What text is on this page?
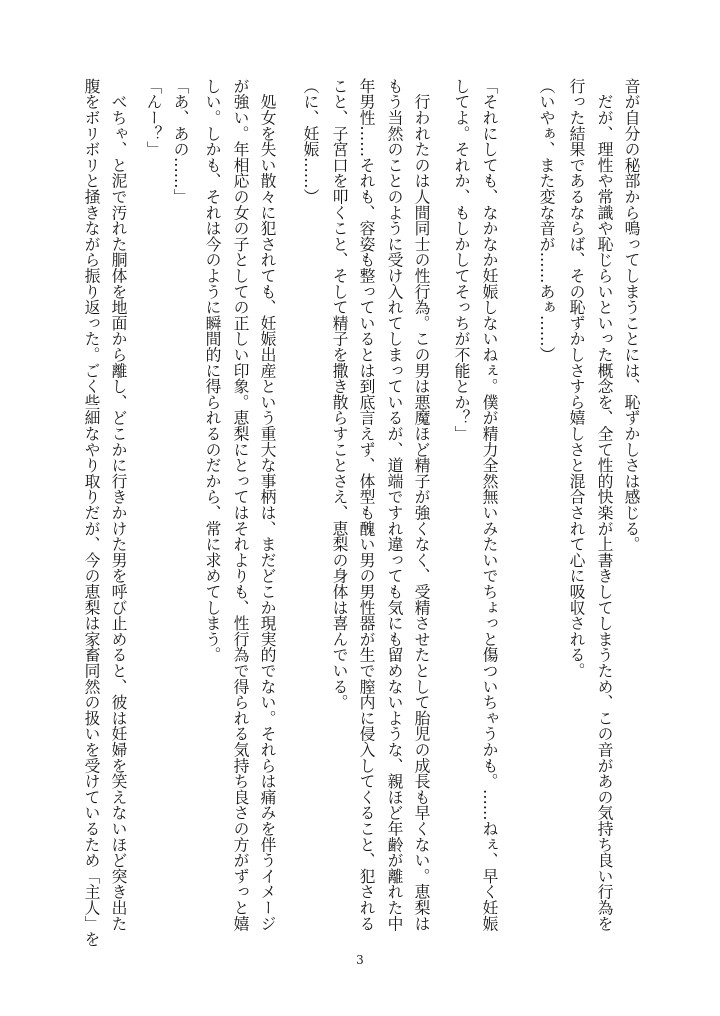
音が自分の秘部から鳴ってしまうことには、恥ずかしさは感じる。
　だが、理性や常識や恥じらいといった概念を、全て性的快楽が上書きしてしまうため、この音があの気持ち良い行為を
行った結果であるならば、その恥ずかしさすら嬉しさと混合されて心に吸収される。
（いやぁ、また変な音が……あぁ……）
「それにしても、なかなか妊娠しないねぇ。僕が精力全然無いみたいでちょっと傷ついちゃうかも。……ねぇ、早く妊娠
してよ。それか、もしかしてそっちが不能とか？」
　行われたのは人間同士の性行為。この男は悪魔ほど精子が強くなく、受精させたとして胎児の成長も早くない。恵梨は
もう当然のことのように受け入れてしまっているが、道端ですれ違っても気にも留めないような、親ほど年齢が離れた中
年男性……それも、容姿も整っているとは到底言えず、体型も醜い男の男性器が生で膣内に侵入してくること、犯される
こと、子宮口を叩くこと、そして精子を撒き散らすことさえ、恵梨の身体は喜んでいる。
（に、妊娠……）
　処女を失い散々に犯されても、妊娠出産という重大な事柄は、まだどこか現実的でない。それらは痛みを伴うイメージ
が強い。年相応の女の子としての正しい印象。恵梨にとってはそれよりも、性行為で得られる気持ち良さの方がずっと嬉
しい。しかも、それは今のように瞬間的に得られるのだから、常に求めてしまう。
「あ、あの……」
「んー？」
　べちゃ、と泥で汚れた胴体を地面から離し、どこかに行きかけた男を呼び止めると、彼は妊婦を笑えないほど突き出た
腹をボリボリと掻きながら振り返った。ごく些細なやり取りだが、今の恵梨は家畜同然の扱いを受けているため「主人」を
3
